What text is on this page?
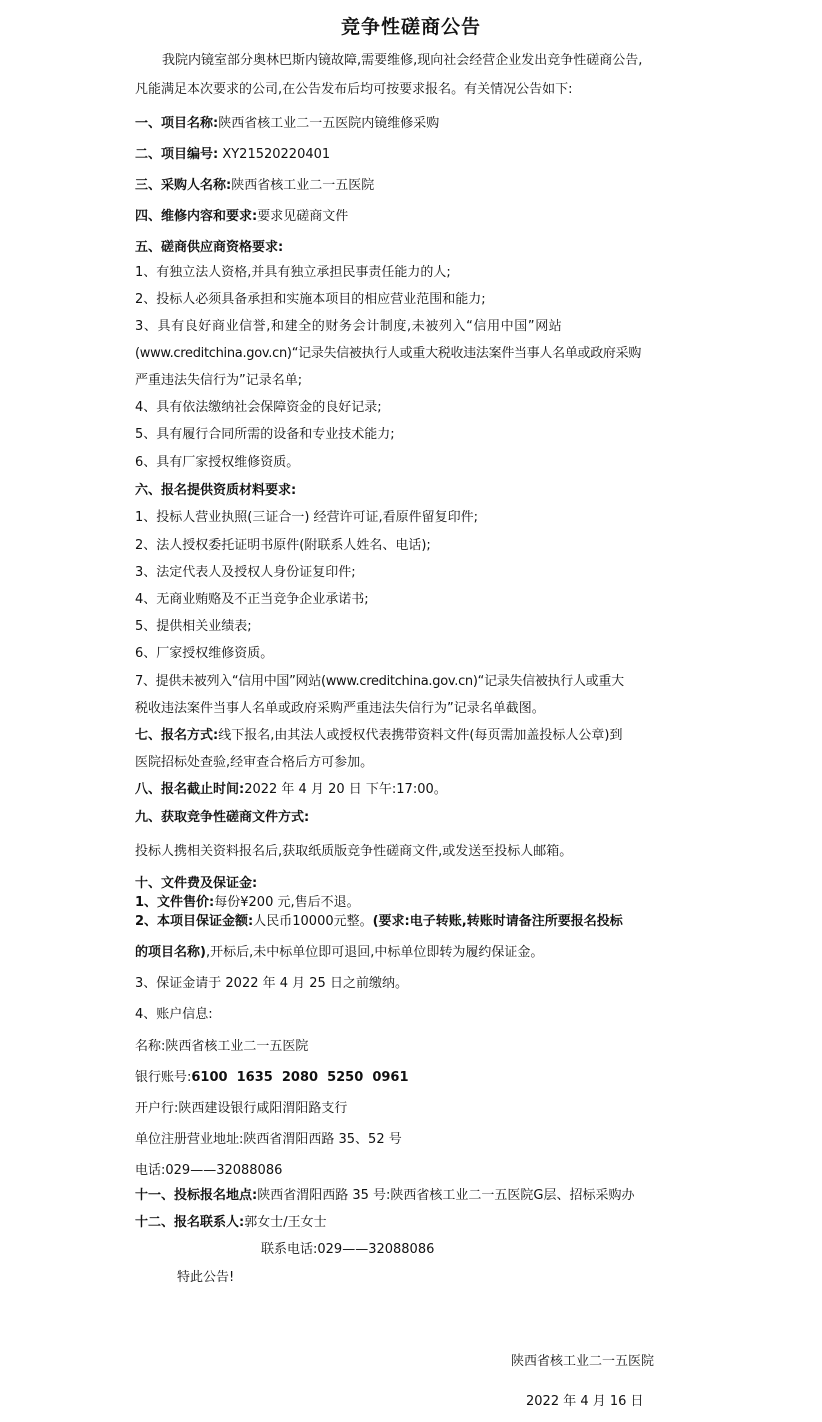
竞争性磋商公告
我院内镜室部分奥林巴斯内镜故障,需要维修,现向社会经营企业发出竞争性磋商公告,
凡能满足本次要求的公司,在公告发布后均可按要求报名。有关情况公告如下:
一、项目名称:陕西省核工业二一五医院内镜维修采购
二、项目编号: XY21520220401
三、采购人名称:陕西省核工业二一五医院
四、维修内容和要求:要求见磋商文件
五、磋商供应商资格要求:
1、有独立法人资格,并具有独立承担民事责任能力的人;
2、投标人必须具备承担和实施本项目的相应营业范围和能力;
3、具有良好商业信誉,和建全的财务会计制度,未被列入“信用中国”网站
(www.creditchina.gov.cn)“记录失信被执行人或重大税收违法案件当事人名单或政府采购
严重违法失信行为”记录名单;
4、具有依法缴纳社会保障资金的良好记录;
5、具有履行合同所需的设备和专业技术能力;
6、具有厂家授权维修资质。
六、报名提供资质材料要求:
1、投标人营业执照(三证合一) 经营许可证,看原件留复印件;
2、法人授权委托证明书原件(附联系人姓名、电话);
3、法定代表人及授权人身份证复印件;
4、无商业贿赂及不正当竞争企业承诺书;
5、提供相关业绩表;
6、厂家授权维修资质。
7、提供未被列入“信用中国”网站(www.creditchina.gov.cn)“记录失信被执行人或重大
税收违法案件当事人名单或政府采购严重违法失信行为”记录名单截图。
七、报名方式:线下报名,由其法人或授权代表携带资料文件(每页需加盖投标人公章)到
医院招标处查验,经审查合格后方可参加。
八、报名截止时间:2022 年 4 月 20 日 下午:17:00。
九、获取竞争性磋商文件方式:
投标人携相关资料报名后,获取纸质版竞争性磋商文件,或发送至投标人邮箱。
十、文件费及保证金:
1、文件售价:每份¥200 元,售后不退。
2、本项目保证金额:人民币10000元整。(要求:电子转账,转账时请备注所要报名投标
的项目名称),开标后,未中标单位即可退回,中标单位即转为履约保证金。
3、保证金请于 2022 年 4 月 25 日之前缴纳。
4、账户信息:
名称:陕西省核工业二一五医院
银行账号:6100  1635  2080  5250  0961
开户行:陕西建设银行咸阳渭阳路支行
单位注册营业地址:陕西省渭阳西路 35、52 号
电话:029——32088086
十一、投标报名地点:陕西省渭阳西路 35 号:陕西省核工业二一五医院G层、招标采购办
十二、报名联系人:郭女士/王女士
联系电话:029——32088086
特此公告!
陕西省核工业二一五医院
2022 年 4 月 16 日
